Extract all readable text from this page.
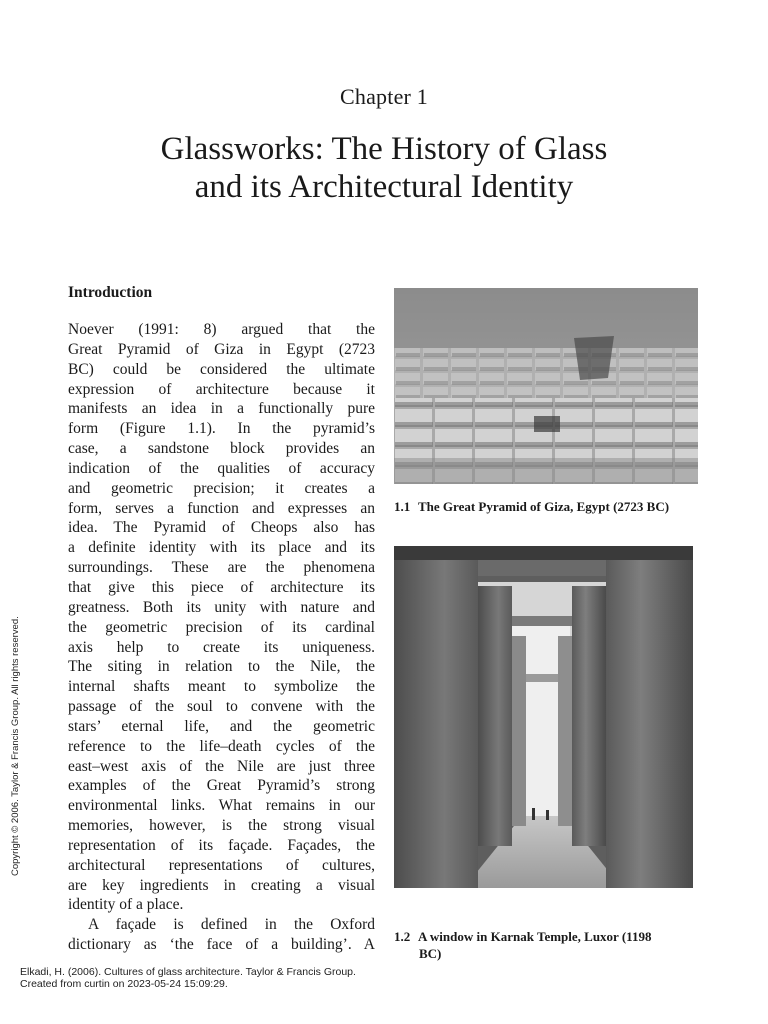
Chapter 1
Glassworks: The History of Glass
and its Architectural Identity
Introduction
Noever (1991: 8) argued that the
Great Pyramid of Giza in Egypt (2723
BC) could be considered the ultimate
expression of architecture because it
manifests an idea in a functionally pure
form (Figure 1.1). In the pyramid’s
case, a sandstone block provides an
indication of the qualities of accuracy
and geometric precision; it creates a
form, serves a function and expresses an
idea. The Pyramid of Cheops also has
a definite identity with its place and its
surroundings. These are the phenomena
that give this piece of architecture its
greatness. Both its unity with nature and
the geometric precision of its cardinal
axis help to create its uniqueness.
The siting in relation to the Nile, the
internal shafts meant to symbolize the
passage of the soul to convene with the
stars’ eternal life, and the geometric
reference to the life–death cycles of the
east–west axis of the Nile are just three
examples of the Great Pyramid’s strong
environmental links. What remains in our
memories, however, is the strong visual
representation of its façade. Façades, the
architectural representations of cultures,
are key ingredients in creating a visual
identity of a place.
A façade is defined in the Oxford
dictionary as ‘the face of a building’. A
1.1 The Great Pyramid of Giza, Egypt (2723 BC)
1.2 A window in Karnak Temple, Luxor (1198
BC)
Copyright © 2006. Taylor & Francis Group. All rights reserved.
Elkadi, H. (2006). Cultures of glass architecture. Taylor & Francis Group.
Created from curtin on 2023-05-24 15:09:29.
